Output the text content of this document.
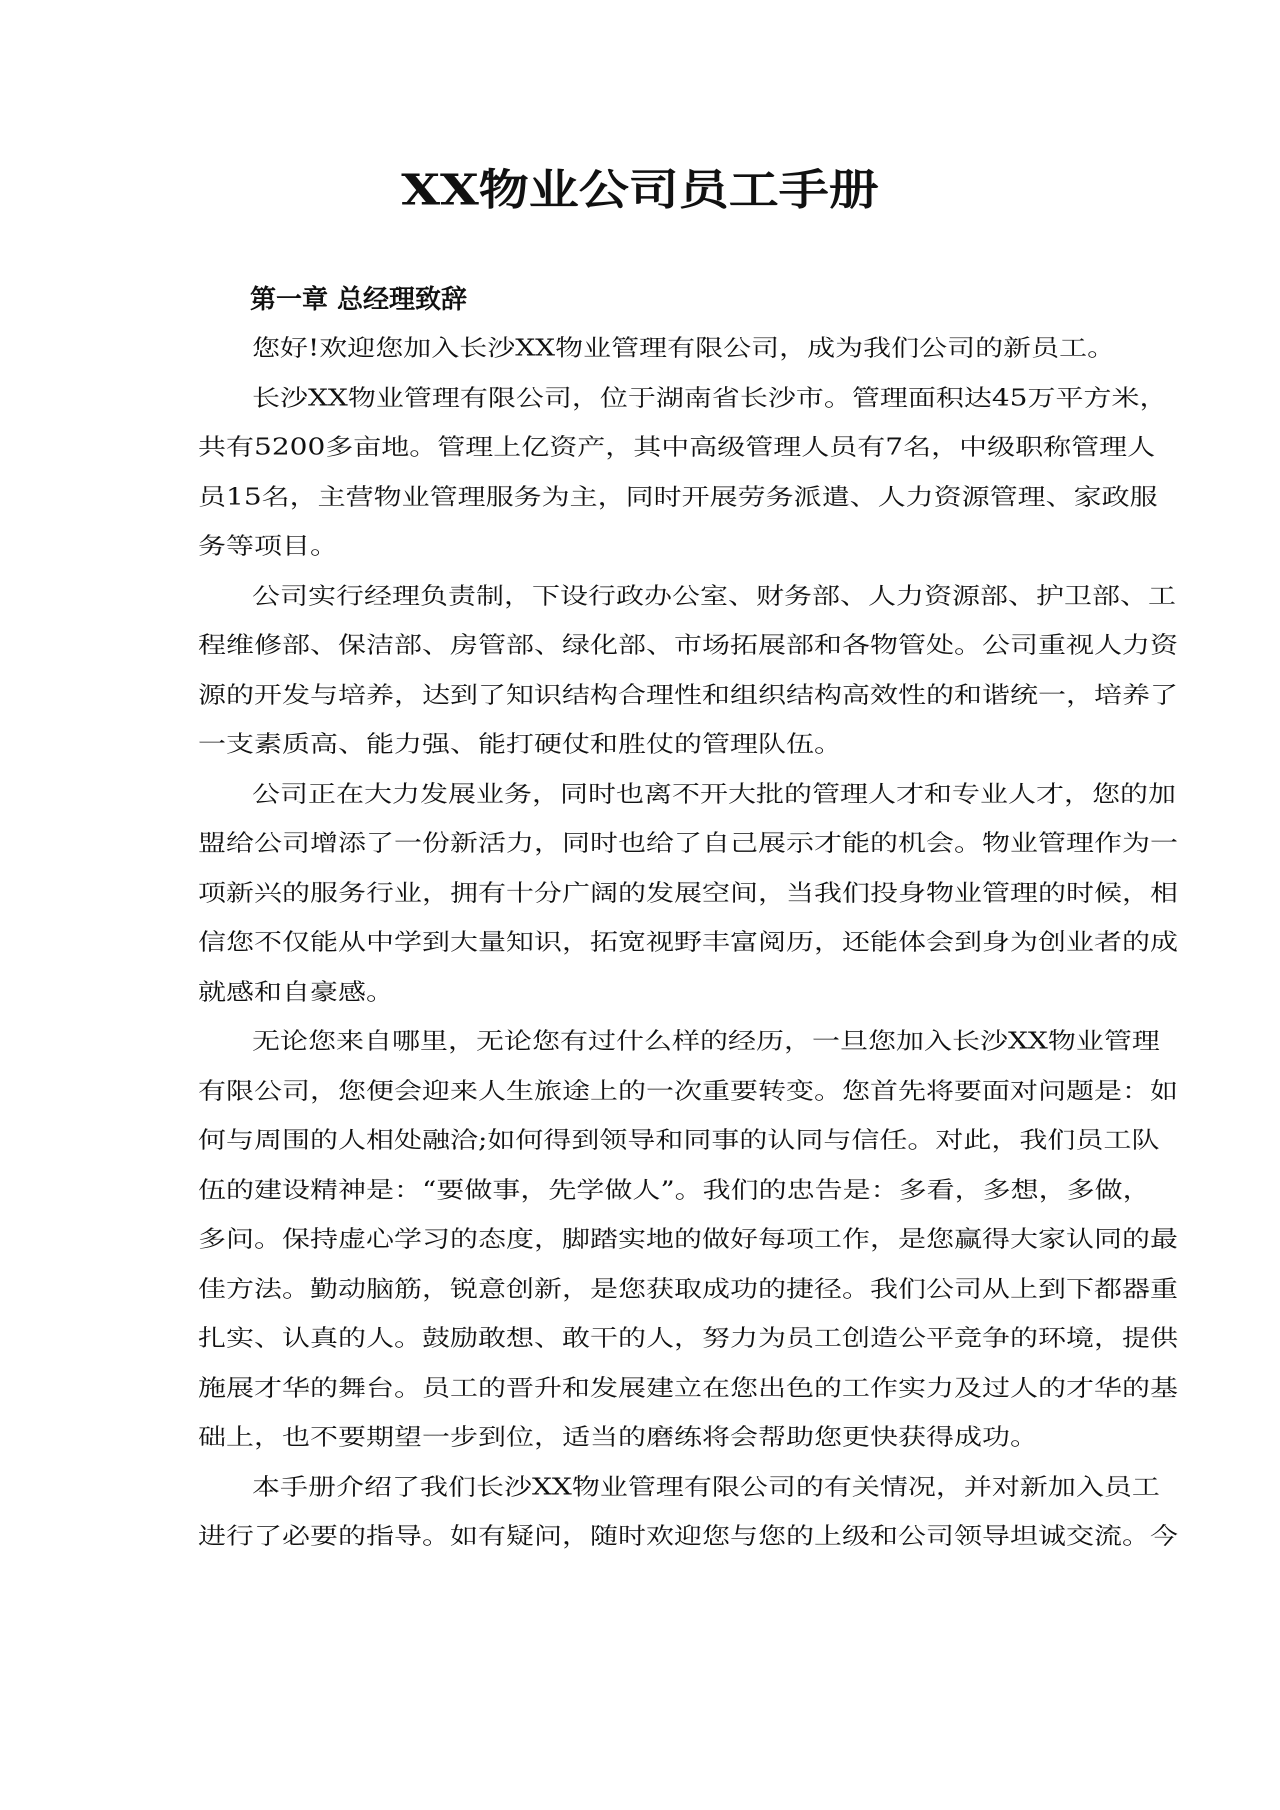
XX物业公司员工手册
第一章 总经理致辞
您好!欢迎您加入长沙XX物业管理有限公司，成为我们公司的新员工。
长沙XX物业管理有限公司，位于湖南省长沙市。管理面积达45万平方米，
共有5200多亩地。管理上亿资产，其中高级管理人员有7名，中级职称管理人
员15名，主营物业管理服务为主，同时开展劳务派遣、人力资源管理、家政服
务等项目。
公司实行经理负责制，下设行政办公室、财务部、人力资源部、护卫部、工
程维修部、保洁部、房管部、绿化部、市场拓展部和各物管处。公司重视人力资
源的开发与培养，达到了知识结构合理性和组织结构高效性的和谐统一，培养了
一支素质高、能力强、能打硬仗和胜仗的管理队伍。
公司正在大力发展业务，同时也离不开大批的管理人才和专业人才，您的加
盟给公司增添了一份新活力，同时也给了自己展示才能的机会。物业管理作为一
项新兴的服务行业，拥有十分广阔的发展空间，当我们投身物业管理的时候，相
信您不仅能从中学到大量知识，拓宽视野丰富阅历，还能体会到身为创业者的成
就感和自豪感。
无论您来自哪里，无论您有过什么样的经历，一旦您加入长沙XX物业管理
有限公司，您便会迎来人生旅途上的一次重要转变。您首先将要面对问题是：如
何与周围的人相处融洽;如何得到领导和同事的认同与信任。对此，我们员工队
伍的建设精神是：“要做事，先学做人”。我们的忠告是：多看，多想，多做，
多问。保持虚心学习的态度，脚踏实地的做好每项工作，是您赢得大家认同的最
佳方法。勤动脑筋，锐意创新，是您获取成功的捷径。我们公司从上到下都器重
扎实、认真的人。鼓励敢想、敢干的人，努力为员工创造公平竞争的环境，提供
施展才华的舞台。员工的晋升和发展建立在您出色的工作实力及过人的才华的基
础上，也不要期望一步到位，适当的磨练将会帮助您更快获得成功。
本手册介绍了我们长沙XX物业管理有限公司的有关情况，并对新加入员工
进行了必要的指导。如有疑问，随时欢迎您与您的上级和公司领导坦诚交流。今
